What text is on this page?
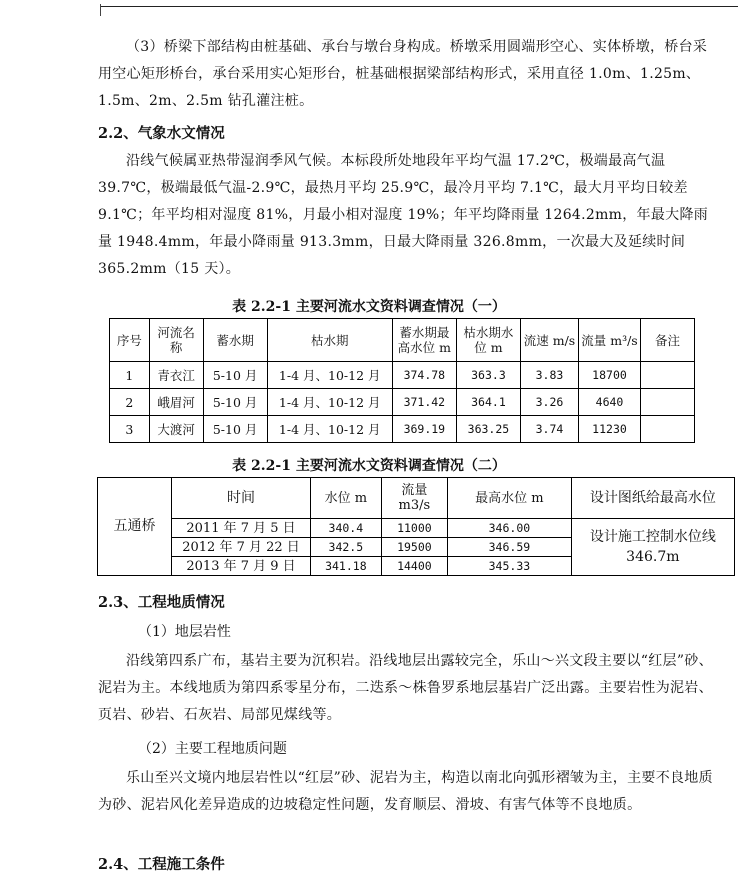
（3）桥梁下部结构由桩基础、承台与墩台身构成。桥墩采用圆端形空心、实体桥墩，桥台采用空心矩形桥台，承台采用实心矩形台，桩基础根据梁部结构形式，采用直径 1.0m、1.25m、1.5m、2m、2.5m 钻孔灌注桩。
2.2、气象水文情况
沿线气候属亚热带湿润季风气候。本标段所处地段年平均气温 17.2℃，极端最高气温 39.7℃，极端最低气温-2.9℃，最热月平均 25.9℃，最冷月平均 7.1℃，最大月平均日较差 9.1℃；年平均相对湿度 81%，月最小相对湿度 19%；年平均降雨量 1264.2mm，年最大降雨量 1948.4mm，年最小降雨量 913.3mm，日最大降雨量 326.8mm，一次最大及延续时间 365.2mm（15 天）。
表 2.2-1 主要河流水文资料调查情况（一）
序号	河流名称	蓄水期	枯水期	蓄水期最高水位 m	枯水期水位 m	流速 m/s	流量 m³/s	备注
1	青衣江	5-10 月	1-4 月、10-12 月	374.78	363.3	3.83	18700	
2	峨眉河	5-10 月	1-4 月、10-12 月	371.42	364.1	3.26	4640	
3	大渡河	5-10 月	1-4 月、10-12 月	369.19	363.25	3.74	11230	
表 2.2-1 主要河流水文资料调查情况（二）
五通桥	时间	水位 m	流量 m3/s	最高水位 m	设计图纸给最高水位
	2011 年 7 月 5 日	340.4	11000	346.00	设计施工控制水位线 346.7m
	2012 年 7 月 22 日	342.5	19500	346.59	
	2013 年 7 月 9 日	341.18	14400	345.33	
2.3、工程地质情况
（1）地层岩性
沿线第四系广布，基岩主要为沉积岩。沿线地层出露较完全，乐山～兴文段主要以“红层”砂、泥岩为主。本线地质为第四系零星分布，二迭系～株鲁罗系地层基岩广泛出露。主要岩性为泥岩、页岩、砂岩、石灰岩、局部见煤线等。
（2）主要工程地质问题
乐山至兴文境内地层岩性以“红层”砂、泥岩为主，构造以南北向弧形褶皱为主，主要不良地质为砂、泥岩风化差异造成的边坡稳定性问题，发育顺层、滑坡、有害气体等不良地质。
2.4、工程施工条件
